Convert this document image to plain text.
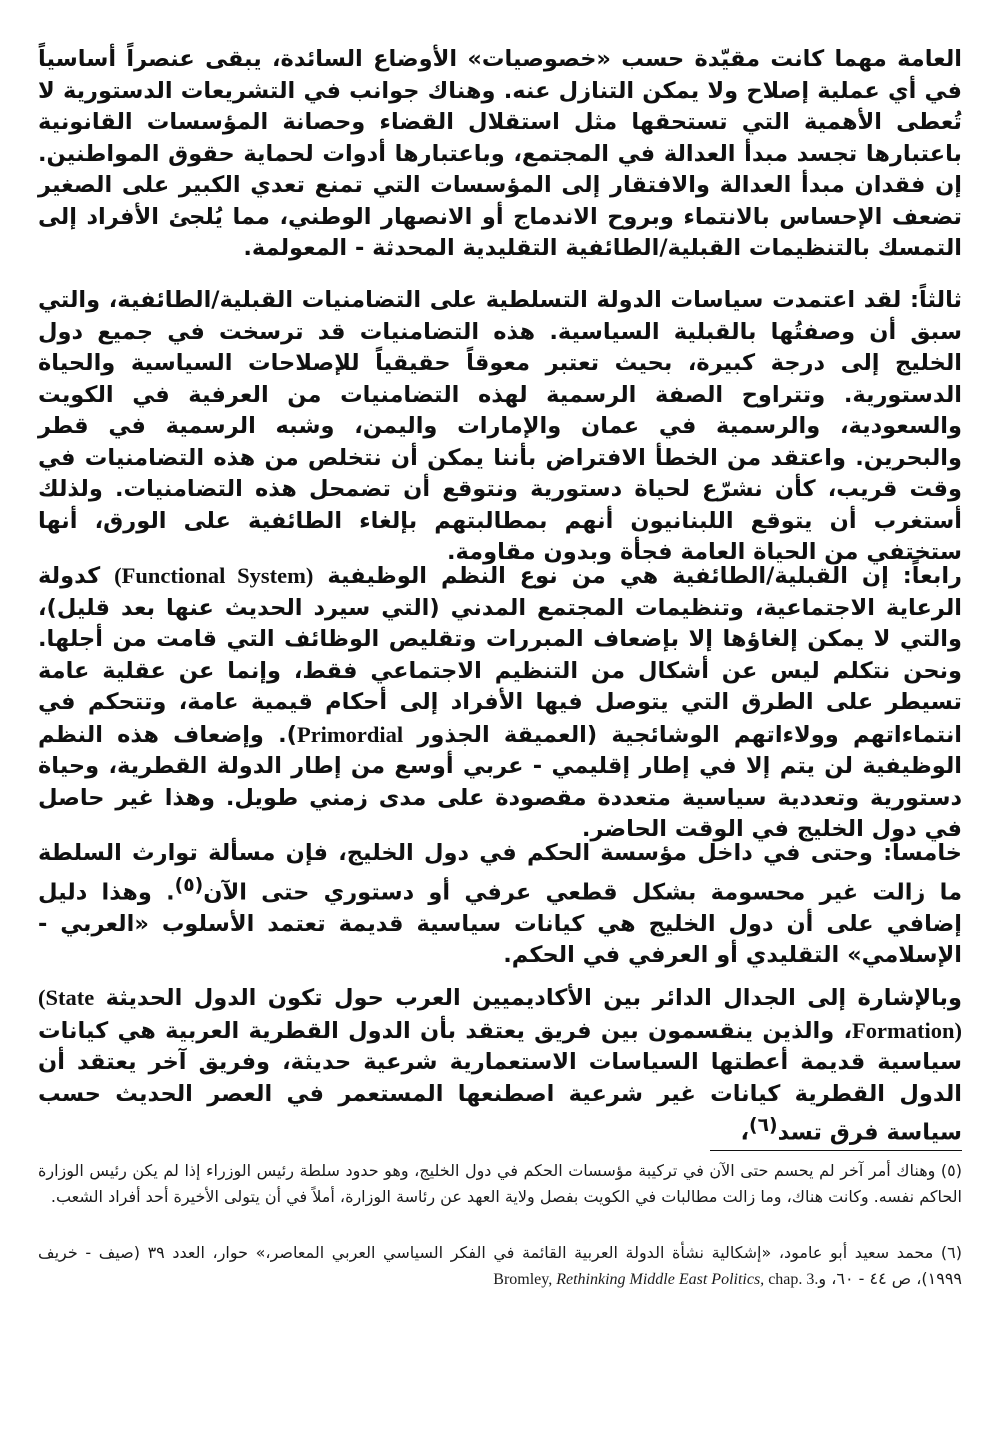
العامة مهما كانت مقيّدة حسب «خصوصيات» الأوضاع السائدة، يبقى عنصراً أساسياً في أي عملية إصلاح ولا يمكن التنازل عنه. وهناك جوانب في التشريعات الدستورية لا تُعطى الأهمية التي تستحقها مثل استقلال القضاء وحصانة المؤسسات القانونية باعتبارها تجسد مبدأ العدالة في المجتمع، وباعتبارها أدوات لحماية حقوق المواطنين. إن فقدان مبدأ العدالة والافتقار إلى المؤسسات التي تمنع تعدي الكبير على الصغير تضعف الإحساس بالانتماء وبروح الاندماج أو الانصهار الوطني، مما يُلجئ الأفراد إلى التمسك بالتنظيمات القبلية/الطائفية التقليدية المحدثة - المعولمة.

ثالثاً: لقد اعتمدت سياسات الدولة التسلطية على التضامنيات القبلية/الطائفية، والتي سبق أن وصفتُها بالقبلية السياسية. هذه التضامنيات قد ترسخت في جميع دول الخليج إلى درجة كبيرة، بحيث تعتبر معوقاً حقيقياً للإصلاحات السياسية والحياة الدستورية. وتتراوح الصفة الرسمية لهذه التضامنيات من العرفية في الكويت والسعودية، والرسمية في عمان والإمارات واليمن، وشبه الرسمية في قطر والبحرين. واعتقد من الخطأ الافتراض بأننا يمكن أن نتخلص من هذه التضامنيات في وقت قريب، كأن نشرّع لحياة دستورية ونتوقع أن تضمحل هذه التضامنيات. ولذلك أستغرب أن يتوقع اللبنانيون أنهم بمطالبتهم بإلغاء الطائفية على الورق، أنها ستختفي من الحياة العامة فجأة وبدون مقاومة.

رابعاً: إن القبلية/الطائفية هي من نوع النظم الوظيفية (Functional System) كدولة الرعاية الاجتماعية، وتنظيمات المجتمع المدني (التي سيرد الحديث عنها بعد قليل)، والتي لا يمكن إلغاؤها إلا بإضعاف المبررات وتقليص الوظائف التي قامت من أجلها. ونحن نتكلم ليس عن أشكال من التنظيم الاجتماعي فقط، وإنما عن عقلية عامة تسيطر على الطرق التي يتوصل فيها الأفراد إلى أحكام قيمية عامة، وتتحكم في انتماءاتهم وولاءاتهم الوشائجية (العميقة الجذور Primordial). وإضعاف هذه النظم الوظيفية لن يتم إلا في إطار إقليمي - عربي أوسع من إطار الدولة القطرية، وحياة دستورية وتعددية سياسية متعددة مقصودة على مدى زمني طويل. وهذا غير حاصل في دول الخليج في الوقت الحاضر.

خامساً: وحتى في داخل مؤسسة الحكم في دول الخليج، فإن مسألة توارث السلطة ما زالت غير محسومة بشكل قطعي عرفي أو دستوري حتى الآن$^{(٥)}$. وهذا دليل إضافي على أن دول الخليج هي كيانات سياسية قديمة تعتمد الأسلوب «العربي - الإسلامي» التقليدي أو العرفي في الحكم.

وبالإشارة إلى الجدال الدائر بين الأكاديميين العرب حول تكون الدول الحديثة (State Formation)، والذين ينقسمون بين فريق يعتقد بأن الدول القطرية العربية هي كيانات سياسية قديمة أعطتها السياسات الاستعمارية شرعية حديثة، وفريق آخر يعتقد أن الدول القطرية كيانات غير شرعية اصطنعها المستعمر في العصر الحديث حسب سياسة فرق تسد$^{(٦)}$،

(٥) وهناك أمر آخر لم يحسم حتى الآن في تركيبة مؤسسات الحكم في دول الخليج، وهو حدود سلطة رئيس الوزراء إذا لم يكن رئيس الوزارة الحاكم نفسه. وكانت هناك، وما زالت مطالبات في الكويت بفصل ولاية العهد عن رئاسة الوزارة، أملاً في أن يتولى الأخيرة أحد أفراد الشعب.

(٦) محمد سعيد أبو عامود، «إشكالية نشأة الدولة العربية القائمة في الفكر السياسي العربي المعاصر،» حوار، العدد ٣٩ (صيف - خريف ١٩٩٩)، ص ٤٤ - ٦٠، وBromley, Rethinking Middle East Politics, chap. 3.
